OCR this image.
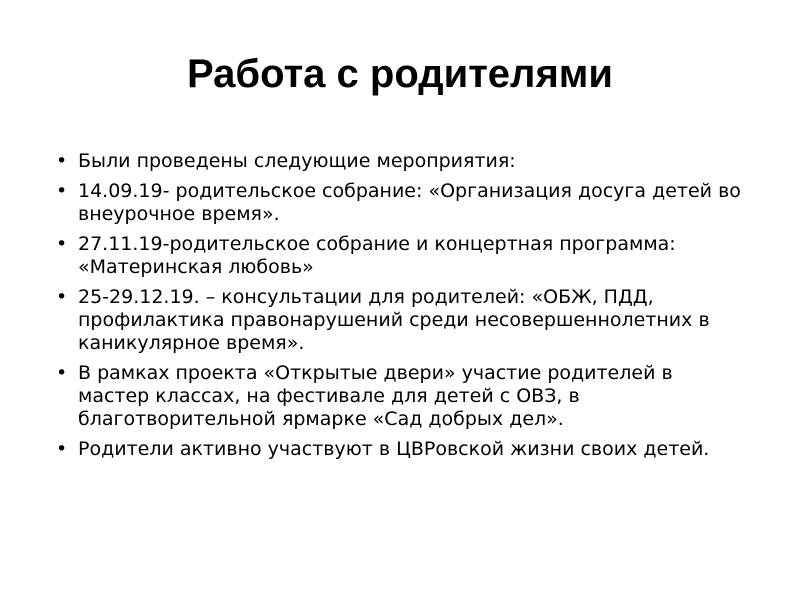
Работа с родителями
• Были проведены следующие мероприятия:
• 14.09.19- родительское собрание: «Организация досуга детей во внеурочное время».
• 27.11.19-родительское собрание и концертная программа: «Материнская любовь»
• 25-29.12.19. – консультации для родителей: «ОБЖ, ПДД, профилактика правонарушений среди несовершеннолетних в каникулярное время».
• В рамках проекта «Открытые двери» участие родителей в мастер классах, на фестивале для детей с ОВЗ, в благотворительной ярмарке «Сад добрых дел».
• Родители активно участвуют в ЦВРовской жизни своих детей.
